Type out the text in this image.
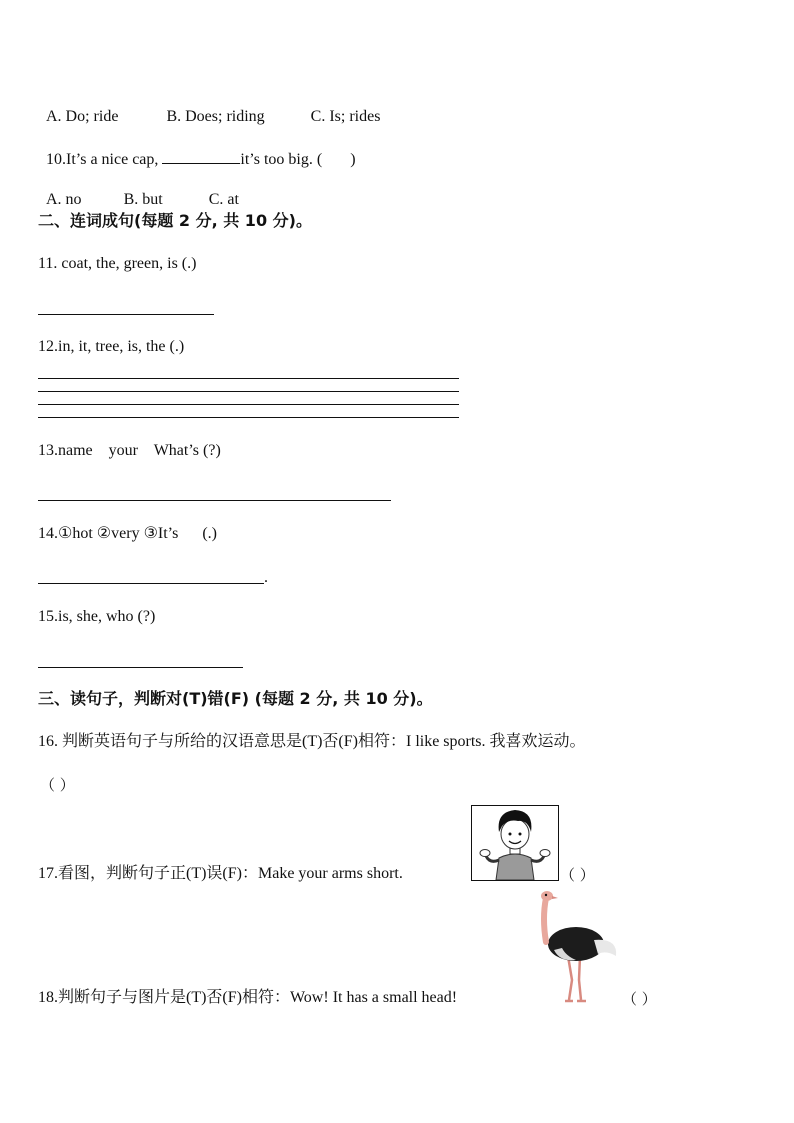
A. Do; ride	B. Does; riding	C. Is; rides

10.It’s a nice cap,	it’s too big. ( )

A. no	B. but	C. at

二、连词成句(每题 2 分, 共 10 分)。
11. coat, the, green, is (.)
12.in, it, tree, is, the (.)
13.name    your    What’s (?)
14.①hot ②very ③It’s      (.)
.
15.is, she, who (?)
三、读句子，判断对(T)错(F) (每题 2 分, 共 10 分)。
16. 判断英语句子与所给的汉语意思是(T)否(F)相符：I like sports. 我喜欢运动。
（ ）
17.看图，判断句子正(T)误(F)：Make your arms short.	（ ）
18.判断句子与图片是(T)否(F)相符：Wow! It has a small head!	（ ）
